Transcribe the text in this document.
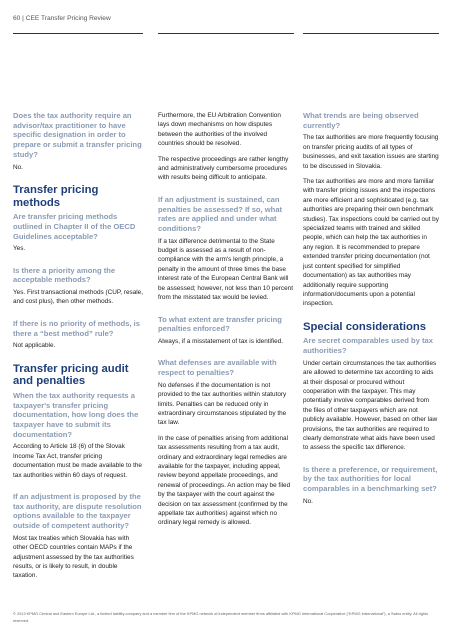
60 | CEE Transfer Pricing Review

Does the tax authority require an advisor/tax practitioner to have specific designation in order to prepare or submit a transfer pricing study?

No.

Transfer pricing methods

Are transfer pricing methods outlined in Chapter II of the OECD Guidelines acceptable?

Yes.

Is there a priority among the acceptable methods?

Yes. First transactional methods (CUP, resale, and cost plus), then other methods.

If there is no priority of methods, is there a “best method” rule?

Not applicable.

Transfer pricing audit and penalties

When the tax authority requests a taxpayer's transfer pricing documentation, how long does the taxpayer have to submit its documentation?

According to Article 18 (6) of the Slovak Income Tax Act, transfer pricing documentation must be made available to the tax authorities within 60 days of request.

If an adjustment is proposed by the tax authority, are dispute resolution options available to the taxpayer outside of competent authority?

Most tax treaties which Slovakia has with other OECD countries contain MAPs if the adjustment assessed by the tax authorities results, or is likely to result, in double taxation.

Furthermore, the EU Arbitration Convention lays down mechanisms on how disputes between the authorities of the involved countries should be resolved.

The respective proceedings are rather lengthy and administratively cumbersome procedures with results being difficult to anticipate.

If an adjustment is sustained, can penalties be assessed? If so, what rates are applied and under what conditions?

If a tax difference detrimental to the State budget is assessed as a result of non-compliance with the arm's length principle, a penalty in the amount of three times the base interest rate of the European Central Bank will be assessed; however, not less than 10 percent from the misstated tax would be levied.

To what extent are transfer pricing penalties enforced?

Always, if a misstatement of tax is identified.

What defenses are available with respect to penalties?

No defenses if the documentation is not provided to the tax authorities within statutory limits. Penalties can be reduced only in extraordinary circumstances stipulated by the tax law.

In the case of penalties arising from additional tax assessments resulting from a tax audit, ordinary and extraordinary legal remedies are available for the taxpayer, including appeal, review beyond appellate proceedings, and renewal of proceedings. An action may be filed by the taxpayer with the court against the decision on tax assessment (confirmed by the appellate tax authorities) against which no ordinary legal remedy is allowed.

What trends are being observed currently?

The tax authorities are more frequently focusing on transfer pricing audits of all types of businesses, and exit taxation issues are starting to be discussed in Slovakia.

The tax authorities are more and more familiar with transfer pricing issues and the inspections are more efficient and sophisticated (e.g. tax authorities are preparing their own benchmark studies). Tax inspections could be carried out by specialized teams with trained and skilled people, which can help the tax authorities in any region. It is recommended to prepare extended transfer pricing documentation (not just content specified for simplified documentation) as tax authorities may additionally require supporting information/documents upon a potential inspection.

Special considerations

Are secret comparables used by tax authorities?

Under certain circumstances the tax authorities are allowed to determine tax according to aids at their disposal or procured without cooperation with the taxpayer. This may potentially involve comparables derived from the files of other taxpayers which are not publicly available. However, based on other law provisions, the tax authorities are required to clearly demonstrate what aids have been used to assess the specific tax difference.

Is there a preference, or requirement, by the tax authorities for local comparables in a benchmarking set?

No.

© 2013 KPMG Central and Eastern Europe Ltd., a limited liability company and a member firm of the KPMG network of independent member firms affiliated with KPMG International Cooperative (“KPMG International”), a Swiss entity. All rights reserved.
